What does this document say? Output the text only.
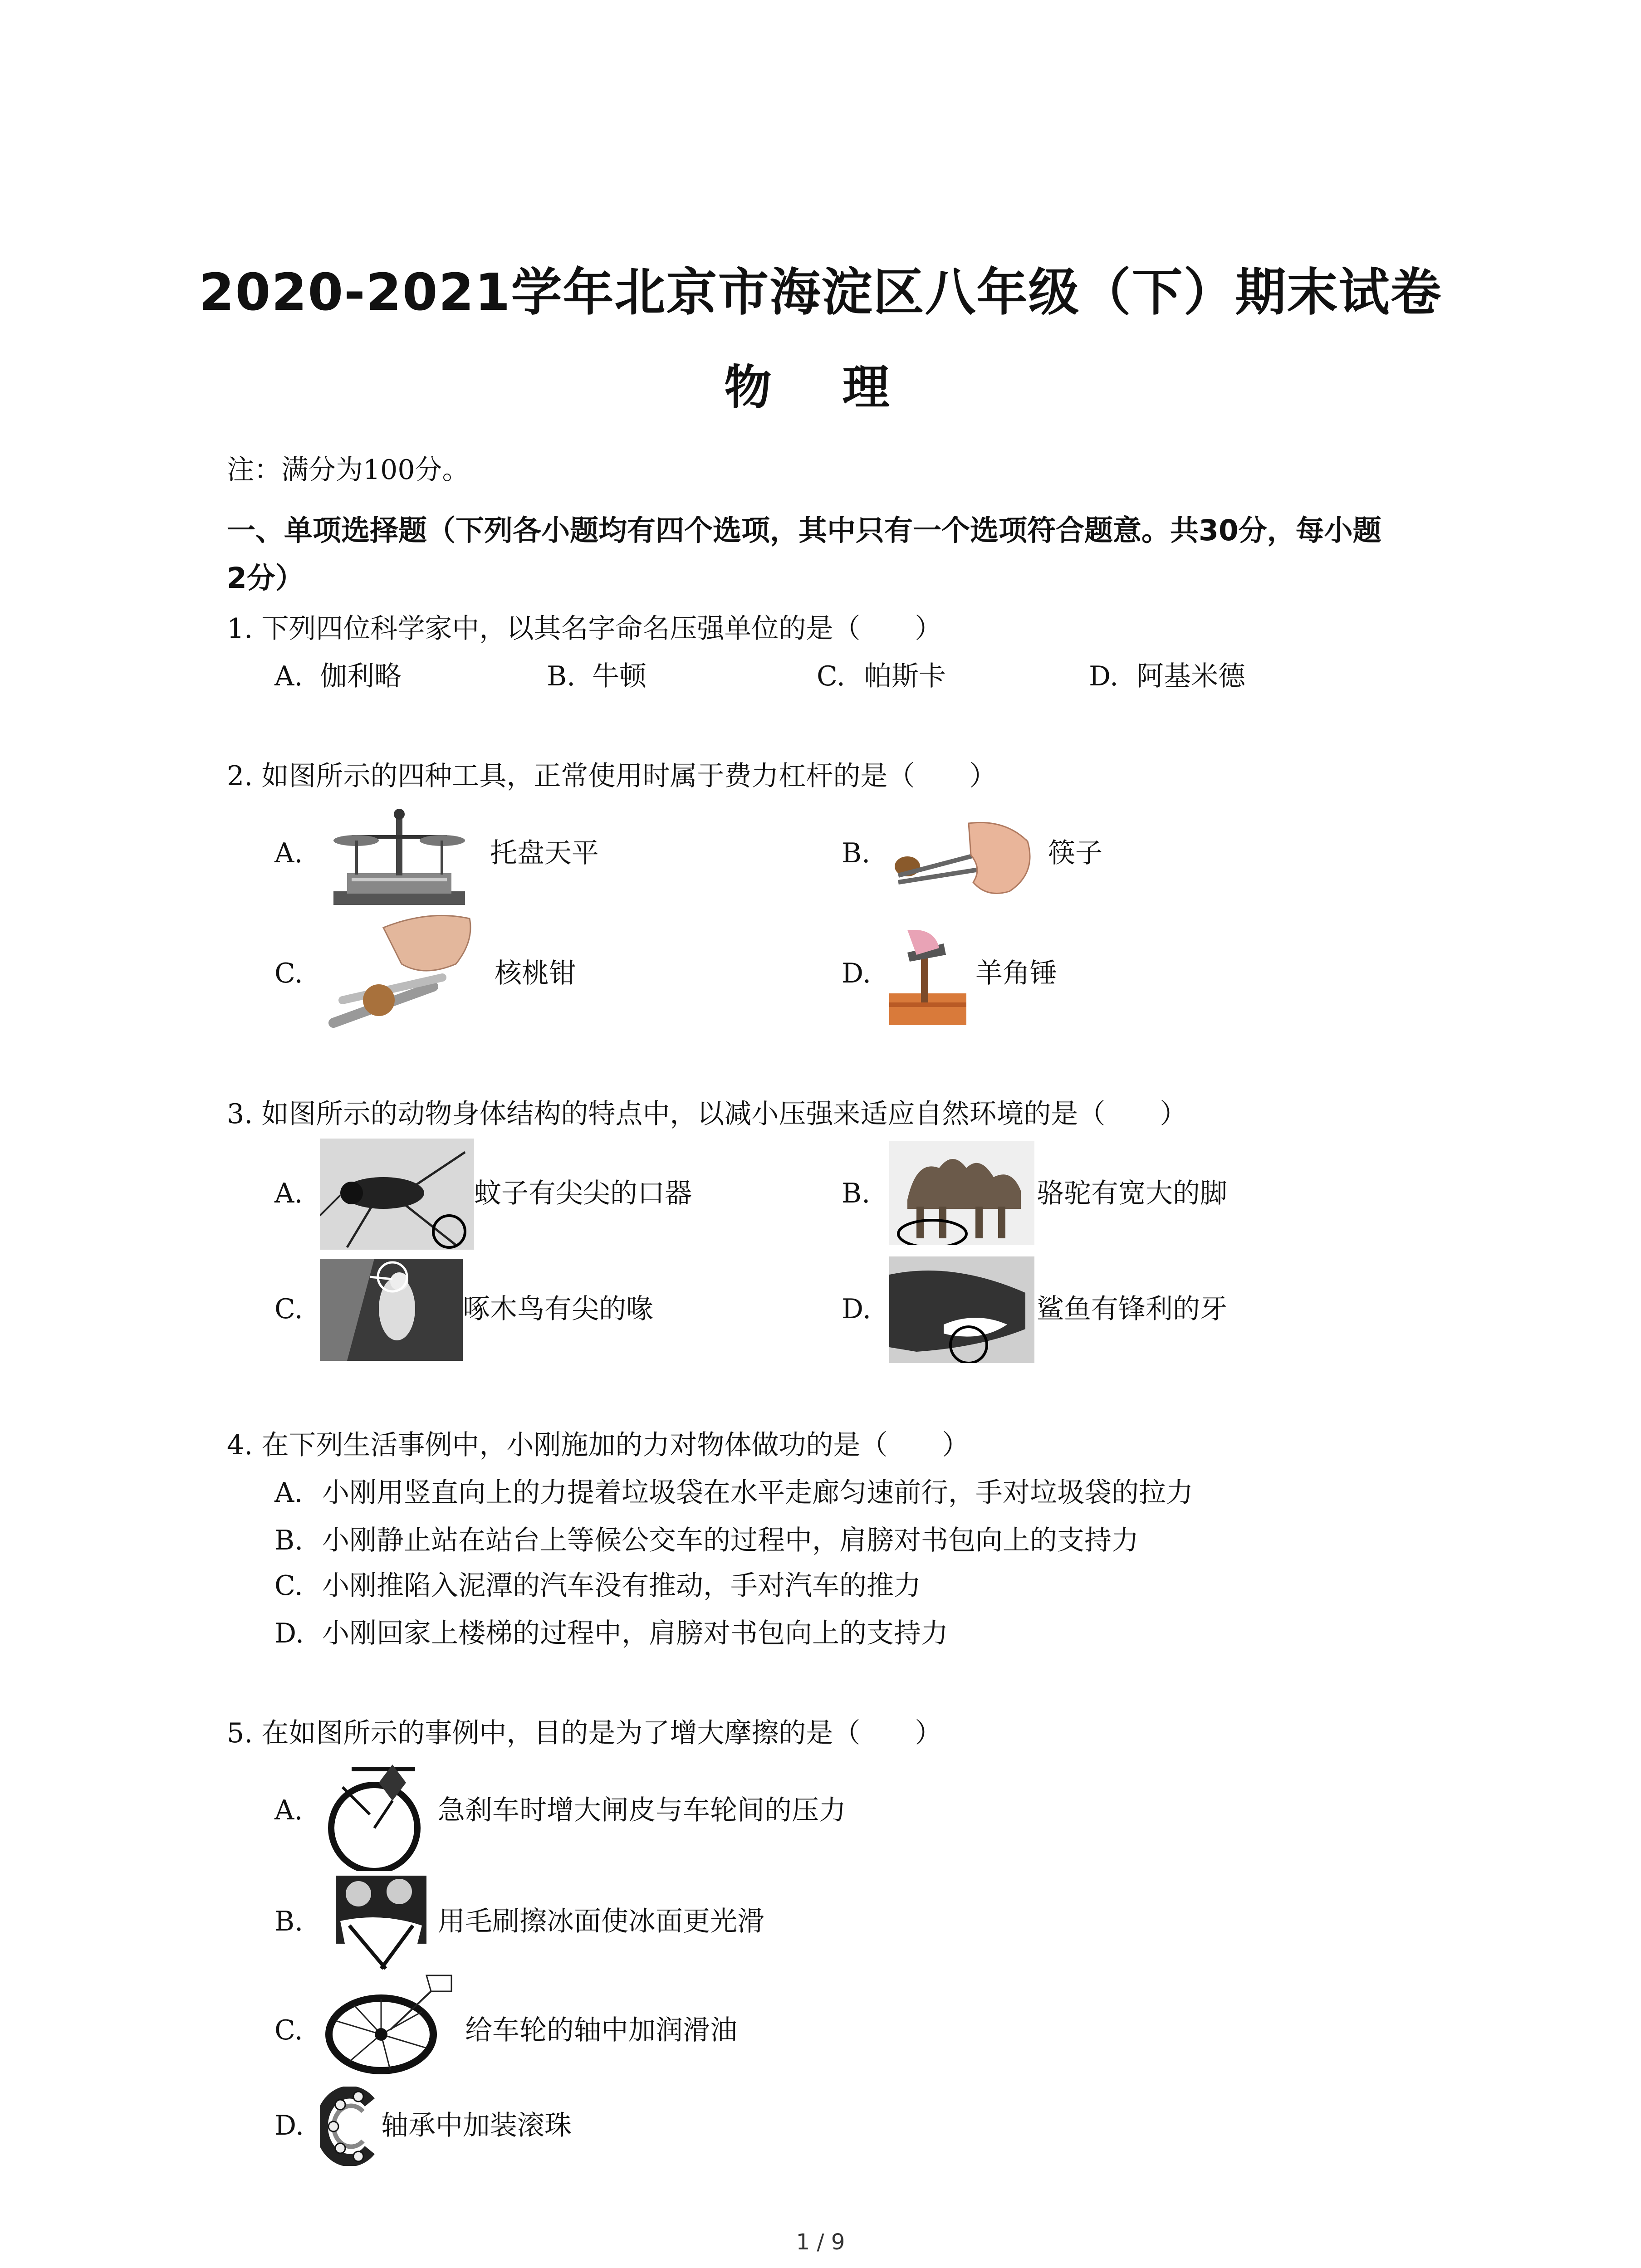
2020-2021学年北京市海淀区八年级（下）期末试卷
物 理
注：满分为100分。
一、单项选择题（下列各小题均有四个选项，其中只有一个选项符合题意。共30分，每小题
2分）
1. 下列四位科学家中，以其名字命名压强单位的是（　　）
A. 伽利略	B. 牛顿	C. 帕斯卡	D. 阿基米德
2. 如图所示的四种工具，正常使用时属于费力杠杆的是（　　）
A.	托盘天平	B.	筷子
C.	核桃钳	D.	羊角锤
3. 如图所示的动物身体结构的特点中，以减小压强来适应自然环境的是（　　）
A.	蚊子有尖尖的口器	B.	骆驼有宽大的脚
C.	啄木鸟有尖的喙	D.	鲨鱼有锋利的牙
4. 在下列生活事例中，小刚施加的力对物体做功的是（　　）
A. 小刚用竖直向上的力提着垃圾袋在水平走廊匀速前行，手对垃圾袋的拉力
B. 小刚静止站在站台上等候公交车的过程中，肩膀对书包向上的支持力
C. 小刚推陷入泥潭的汽车没有推动，手对汽车的推力
D. 小刚回家上楼梯的过程中，肩膀对书包向上的支持力
5. 在如图所示的事例中，目的是为了增大摩擦的是（　　）
A.	急刹车时增大闸皮与车轮间的压力
B.	用毛刷擦冰面使冰面更光滑
C.	给车轮的轴中加润滑油
D.	轴承中加装滚珠
1 / 9
